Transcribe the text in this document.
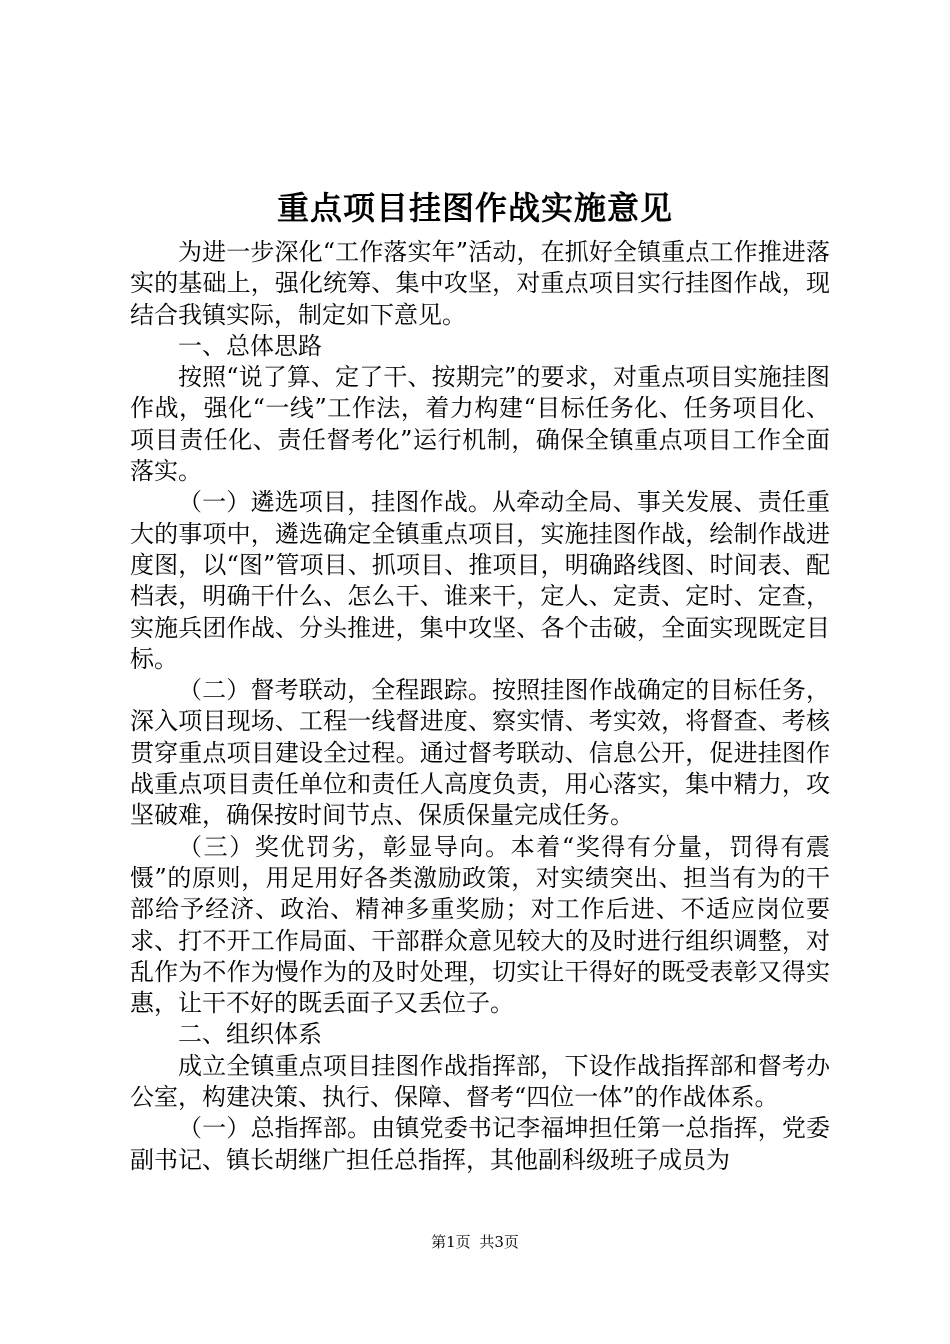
重点项目挂图作战实施意见

为进一步深化“工作落实年”活动，在抓好全镇重点工作推进落实的基础上，强化统筹、集中攻坚，对重点项目实行挂图作战，现结合我镇实际，制定如下意见。

一、总体思路

按照“说了算、定了干、按期完”的要求，对重点项目实施挂图作战，强化“一线”工作法，着力构建“目标任务化、任务项目化、项目责任化、责任督考化”运行机制，确保全镇重点项目工作全面落实。

（一）遴选项目，挂图作战。从牵动全局、事关发展、责任重大的事项中，遴选确定全镇重点项目，实施挂图作战，绘制作战进度图，以“图”管项目、抓项目、推项目，明确路线图、时间表、配档表，明确干什么、怎么干、谁来干，定人、定责、定时、定查，实施兵团作战、分头推进，集中攻坚、各个击破，全面实现既定目标。

（二）督考联动，全程跟踪。按照挂图作战确定的目标任务，深入项目现场、工程一线督进度、察实情、考实效，将督查、考核贯穿重点项目建设全过程。通过督考联动、信息公开，促进挂图作战重点项目责任单位和责任人高度负责，用心落实，集中精力，攻坚破难，确保按时间节点、保质保量完成任务。

（三）奖优罚劣，彰显导向。本着“奖得有分量，罚得有震慑”的原则，用足用好各类激励政策，对实绩突出、担当有为的干部给予经济、政治、精神多重奖励；对工作后进、不适应岗位要求、打不开工作局面、干部群众意见较大的及时进行组织调整，对乱作为不作为慢作为的及时处理，切实让干得好的既受表彰又得实惠，让干不好的既丢面子又丢位子。

二、组织体系

成立全镇重点项目挂图作战指挥部，下设作战指挥部和督考办公室，构建决策、执行、保障、督考“四位一体”的作战体系。

（一）总指挥部。由镇党委书记李福坤担任第一总指挥，党委副书记、镇长胡继广担任总指挥，其他副科级班子成员为

第1页 共3页
